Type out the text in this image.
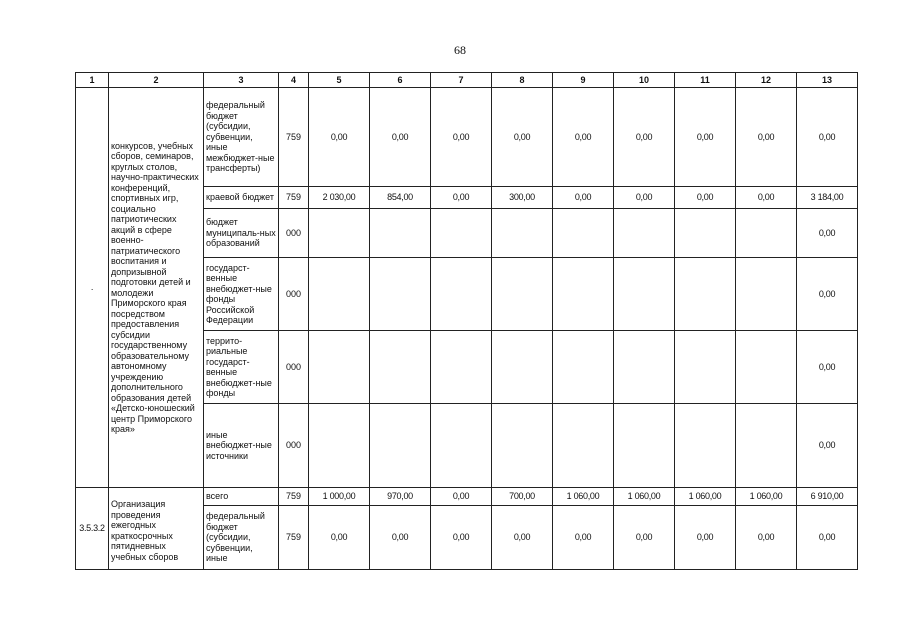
68
1	2	3	4	5	6	7	8	9	10	11	12	13
.	конкурсов, учебных сборов, семинаров, круглых столов, научно-практических конференций, спортивных игр, социально патриотических акций в сфере военно-патриатического воспитания и допризывной подготовки детей и молодежи Приморского края посредством предоставления субсидии государственному образовательному автономному учреждению дополнительного образования детей «Детско-юношеский центр Приморского края»	федеральный бюджет (субсидии, субвенции, иные межбюджет-ные трансферты)	759	0,00	0,00	0,00	0,00	0,00	0,00	0,00	0,00	0,00
		краевой бюджет	759	2 030,00	854,00	0,00	300,00	0,00	0,00	0,00	0,00	3 184,00
		бюджет муниципаль-ных образований	000									0,00
		государст-венные внебюджет-ные фонды Российской Федерации	000									0,00
		террито-риальные государст-венные внебюджет-ные фонды	000									0,00
		иные внебюджет-ные источники	000									0,00
3.5.3.2	Организация проведения ежегодных краткосрочных пятидневных учебных сборов	всего	759	1 000,00	970,00	0,00	700,00	1 060,00	1 060,00	1 060,00	1 060,00	6 910,00
		федеральный бюджет (субсидии, субвенции, иные	759	0,00	0,00	0,00	0,00	0,00	0,00	0,00	0,00	0,00
